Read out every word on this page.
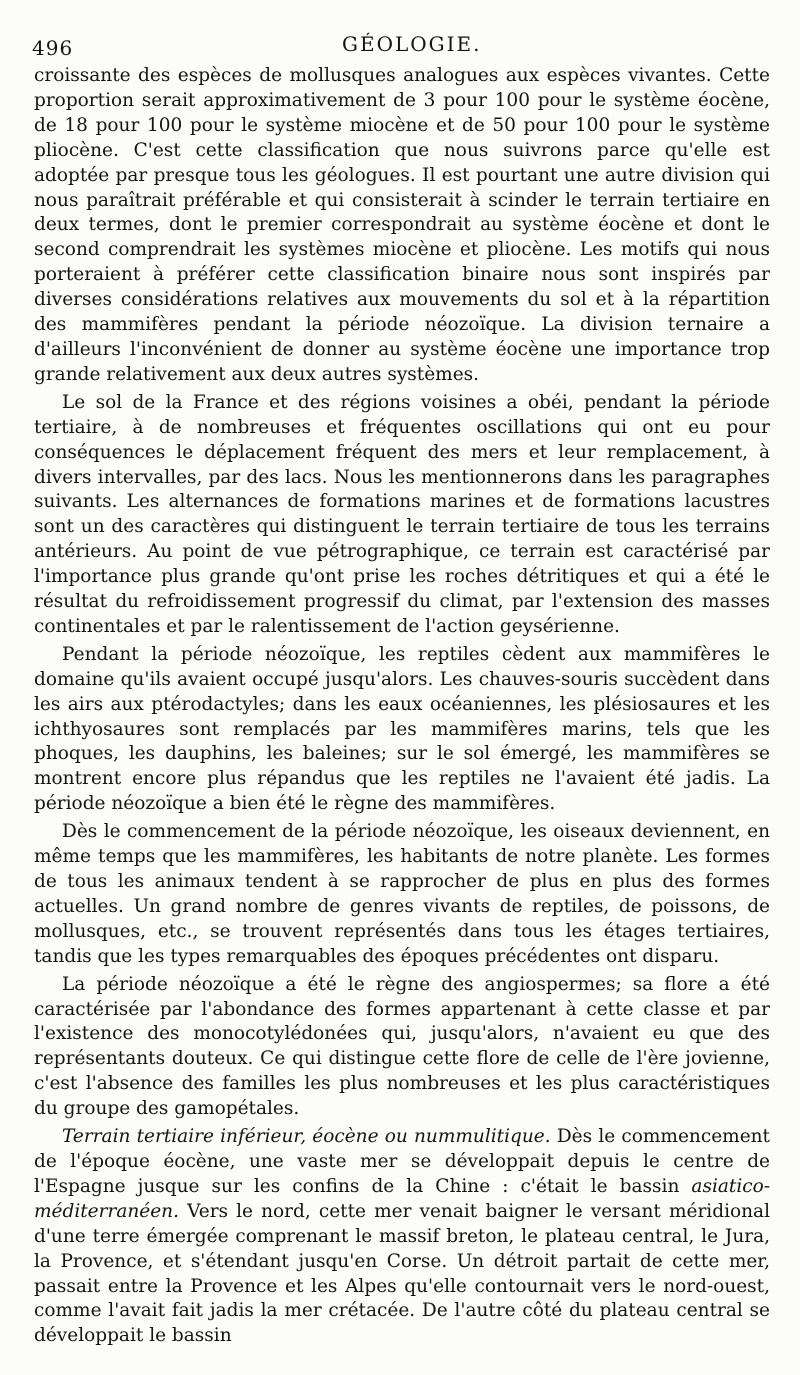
496	GÉOLOGIE.

croissante des espèces de mollusques analogues aux espèces vivantes. Cette proportion serait approximativement de 3 pour 100 pour le système éocène, de 18 pour 100 pour le système miocène et de 50 pour 100 pour le système pliocène. C'est cette classification que nous suivrons parce qu'elle est adoptée par presque tous les géologues. Il est pourtant une autre division qui nous paraîtrait préférable et qui consisterait à scinder le terrain tertiaire en deux termes, dont le premier correspondrait au système éocène et dont le second comprendrait les systèmes miocène et pliocène. Les motifs qui nous porteraient à préférer cette classification binaire nous sont inspirés par diverses considérations relatives aux mouvements du sol et à la répartition des mammifères pendant la période néozoïque. La division ternaire a d'ailleurs l'inconvénient de donner au système éocène une importance trop grande relativement aux deux autres systèmes.

Le sol de la France et des régions voisines a obéi, pendant la période tertiaire, à de nombreuses et fréquentes oscillations qui ont eu pour conséquences le déplacement fréquent des mers et leur remplacement, à divers intervalles, par des lacs. Nous les mentionnerons dans les paragraphes suivants. Les alternances de formations marines et de formations lacustres sont un des caractères qui distinguent le terrain tertiaire de tous les terrains antérieurs. Au point de vue pétrographique, ce terrain est caractérisé par l'importance plus grande qu'ont prise les roches détritiques et qui a été le résultat du refroidissement progressif du climat, par l'extension des masses continentales et par le ralentissement de l'action geysérienne.

Pendant la période néozoïque, les reptiles cèdent aux mammifères le domaine qu'ils avaient occupé jusqu'alors. Les chauves-souris succèdent dans les airs aux ptérodactyles; dans les eaux océaniennes, les plésiosaures et les ichthyosaures sont remplacés par les mammifères marins, tels que les phoques, les dauphins, les baleines; sur le sol émergé, les mammifères se montrent encore plus répandus que les reptiles ne l'avaient été jadis. La période néozoïque a bien été le règne des mammifères.

Dès le commencement de la période néozoïque, les oiseaux deviennent, en même temps que les mammifères, les habitants de notre planète. Les formes de tous les animaux tendent à se rapprocher de plus en plus des formes actuelles. Un grand nombre de genres vivants de reptiles, de poissons, de mollusques, etc., se trouvent représentés dans tous les étages tertiaires, tandis que les types remarquables des époques précédentes ont disparu.

La période néozoïque a été le règne des angiospermes; sa flore a été caractérisée par l'abondance des formes appartenant à cette classe et par l'existence des monocotylédonées qui, jusqu'alors, n'avaient eu que des représentants douteux. Ce qui distingue cette flore de celle de l'ère jovienne, c'est l'absence des familles les plus nombreuses et les plus caractéristiques du groupe des gamopétales.

Terrain tertiaire inférieur, éocène ou nummulitique. Dès le commencement de l'époque éocène, une vaste mer se développait depuis le centre de l'Espagne jusque sur les confins de la Chine : c'était le bassin asiatico-méditerranéen. Vers le nord, cette mer venait baigner le versant méridional d'une terre émergée comprenant le massif breton, le plateau central, le Jura, la Provence, et s'étendant jusqu'en Corse. Un détroit partait de cette mer, passait entre la Provence et les Alpes qu'elle contournait vers le nord-ouest, comme l'avait fait jadis la mer crétacée. De l'autre côté du plateau central se développait le bassin
